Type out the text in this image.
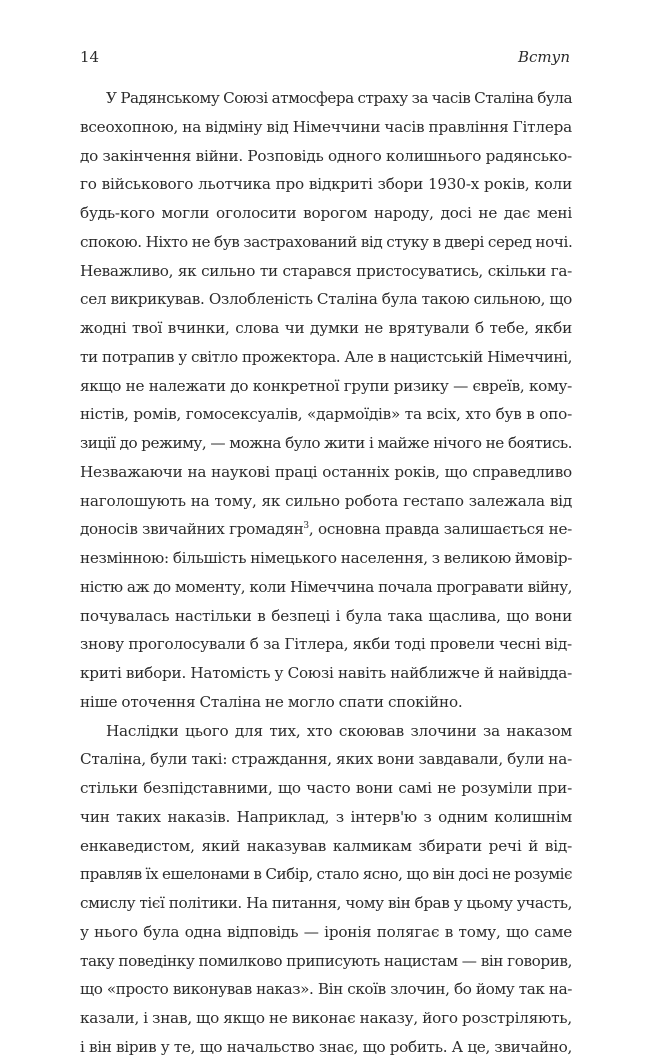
14	Вступ
У Радянському Союзі атмосфера страху за часів Сталіна була
всеохопною, на відміну від Німеччини часів правління Гітлера
до закінчення війни. Розповідь одного колишнього радянсько-
го військового льотчика про відкриті збори 1930-х років, коли
будь-кого могли оголосити ворогом народу, досі не дає мені
спокою. Ніхто не був застрахований від стуку в двері серед ночі.
Неважливо, як сильно ти старався пристосуватись, скільки га-
сел викрикував. Озлобленість Сталіна була такою сильною, що
жодні твої вчинки, слова чи думки не врятували б тебе, якби
ти потрапив у світло прожектора. Але в нацистській Німеччині,
якщо не належати до конкретної групи ризику — євреїв, кому-
ністів, ромів, гомосексуалів, «дармоїдів» та всіх, хто був в опо-
зиції до режиму, — можна було жити і майже нічого не боятись.
Незважаючи на наукові праці останніх років, що справедливо
наголошують на тому, як сильно робота гестапо залежала від
доносів звичайних громадян$^3$, основна правда залишається не-
незмінною: більшість німецького населення, з великою ймовір-
ністю аж до моменту, коли Німеччина почала програвати війну,
почувалась настільки в безпеці і була така щаслива, що вони
знову проголосували б за Гітлера, якби тоді провели чесні від-
криті вибори. Натомість у Союзі навіть найближче й найвідда-
ніше оточення Сталіна не могло спати спокійно.
Наслідки цього для тих, хто скоював злочини за наказом
Сталіна, були такі: страждання, яких вони завдавали, були на-
стільки безпідставними, що часто вони самі не розуміли при-
чин таких наказів. Наприклад, з інтерв'ю з одним колишнім
енкаведистом, який наказував калмикам збирати речі й від-
правляв їх ешелонами в Сибір, стало ясно, що він досі не розуміє
смислу тієї політики. На питання, чому він брав у цьому участь,
у нього була одна відповідь — іронія полягає в тому, що саме
таку поведінку помилково приписують нацистам — він говорив,
що «просто виконував наказ». Він скоїв злочин, бо йому так на-
казали, і знав, що якщо не виконає наказу, його розстріляють,
і він вірив у те, що начальство знає, що робить. А це, звичайно,
